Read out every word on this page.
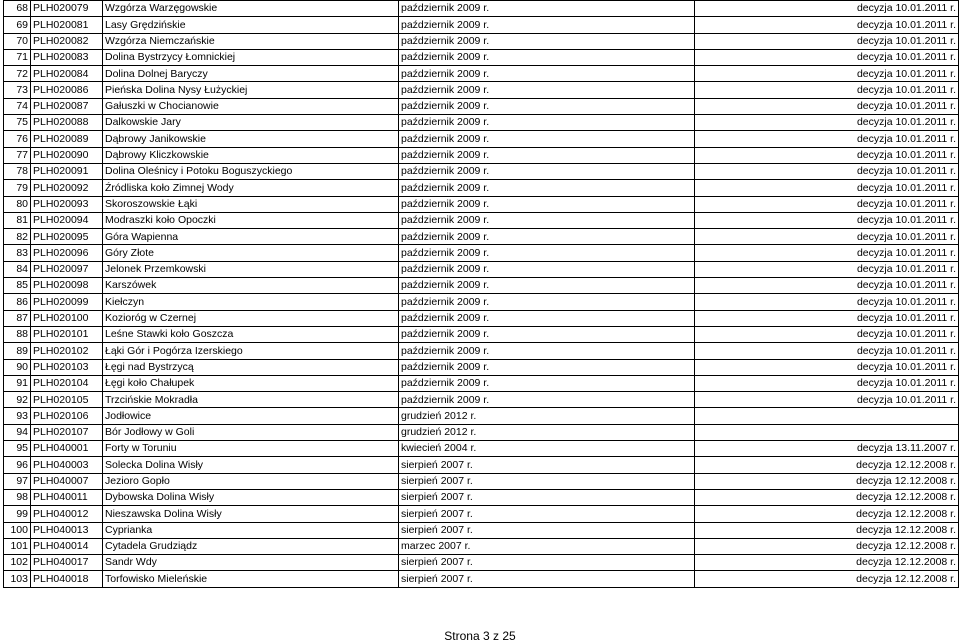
68	PLH020079	Wzgórza Warzęgowskie	październik 2009 r.	decyzja 10.01.2011 r.
69	PLH020081	Lasy Grędzińskie	październik 2009 r.	decyzja 10.01.2011 r.
70	PLH020082	Wzgórza Niemczańskie	październik 2009 r.	decyzja 10.01.2011 r.
71	PLH020083	Dolina Bystrzycy Łomnickiej	październik 2009 r.	decyzja 10.01.2011 r.
72	PLH020084	Dolina Dolnej Baryczy	październik 2009 r.	decyzja 10.01.2011 r.
73	PLH020086	Pieńska Dolina Nysy Łużyckiej	październik 2009 r.	decyzja 10.01.2011 r.
74	PLH020087	Gałuszki w Chocianowie	październik 2009 r.	decyzja 10.01.2011 r.
75	PLH020088	Dalkowskie Jary	październik 2009 r.	decyzja 10.01.2011 r.
76	PLH020089	Dąbrowy Janikowskie	październik 2009 r.	decyzja 10.01.2011 r.
77	PLH020090	Dąbrowy Kliczkowskie	październik 2009 r.	decyzja 10.01.2011 r.
78	PLH020091	Dolina Oleśnicy i Potoku Boguszyckiego	październik 2009 r.	decyzja 10.01.2011 r.
79	PLH020092	Źródliska koło Zimnej Wody	październik 2009 r.	decyzja 10.01.2011 r.
80	PLH020093	Skoroszowskie Łąki	październik 2009 r.	decyzja 10.01.2011 r.
81	PLH020094	Modraszki koło Opoczki	październik 2009 r.	decyzja 10.01.2011 r.
82	PLH020095	Góra Wapienna	październik 2009 r.	decyzja 10.01.2011 r.
83	PLH020096	Góry Złote	październik 2009 r.	decyzja 10.01.2011 r.
84	PLH020097	Jelonek Przemkowski	październik 2009 r.	decyzja 10.01.2011 r.
85	PLH020098	Karszówek	październik 2009 r.	decyzja 10.01.2011 r.
86	PLH020099	Kiełczyn	październik 2009 r.	decyzja 10.01.2011 r.
87	PLH020100	Kozioróg w Czernej	październik 2009 r.	decyzja 10.01.2011 r.
88	PLH020101	Leśne Stawki koło Goszcza	październik 2009 r.	decyzja 10.01.2011 r.
89	PLH020102	Łąki Gór i Pogórza Izerskiego	październik 2009 r.	decyzja 10.01.2011 r.
90	PLH020103	Łęgi nad Bystrzycą	październik 2009 r.	decyzja 10.01.2011 r.
91	PLH020104	Łęgi koło Chałupek	październik 2009 r.	decyzja 10.01.2011 r.
92	PLH020105	Trzcińskie Mokradła	październik 2009 r.	decyzja 10.01.2011 r.
93	PLH020106	Jodłowice	grudzień 2012 r.	
94	PLH020107	Bór Jodłowy w Goli	grudzień 2012 r.	
95	PLH040001	Forty w Toruniu	kwiecień 2004 r.	decyzja 13.11.2007 r.
96	PLH040003	Solecka Dolina Wisły	sierpień 2007 r.	decyzja 12.12.2008 r.
97	PLH040007	Jezioro Gopło	sierpień 2007 r.	decyzja 12.12.2008 r.
98	PLH040011	Dybowska Dolina Wisły	sierpień 2007 r.	decyzja 12.12.2008 r.
99	PLH040012	Nieszawska Dolina Wisły	sierpień 2007 r.	decyzja 12.12.2008 r.
100	PLH040013	Cyprianka	sierpień 2007 r.	decyzja 12.12.2008 r.
101	PLH040014	Cytadela Grudziądz	marzec 2007 r.	decyzja 12.12.2008 r.
102	PLH040017	Sandr Wdy	sierpień 2007 r.	decyzja 12.12.2008 r.
103	PLH040018	Torfowisko Mieleńskie	sierpień 2007 r.	decyzja 12.12.2008 r.
Strona 3 z 25
